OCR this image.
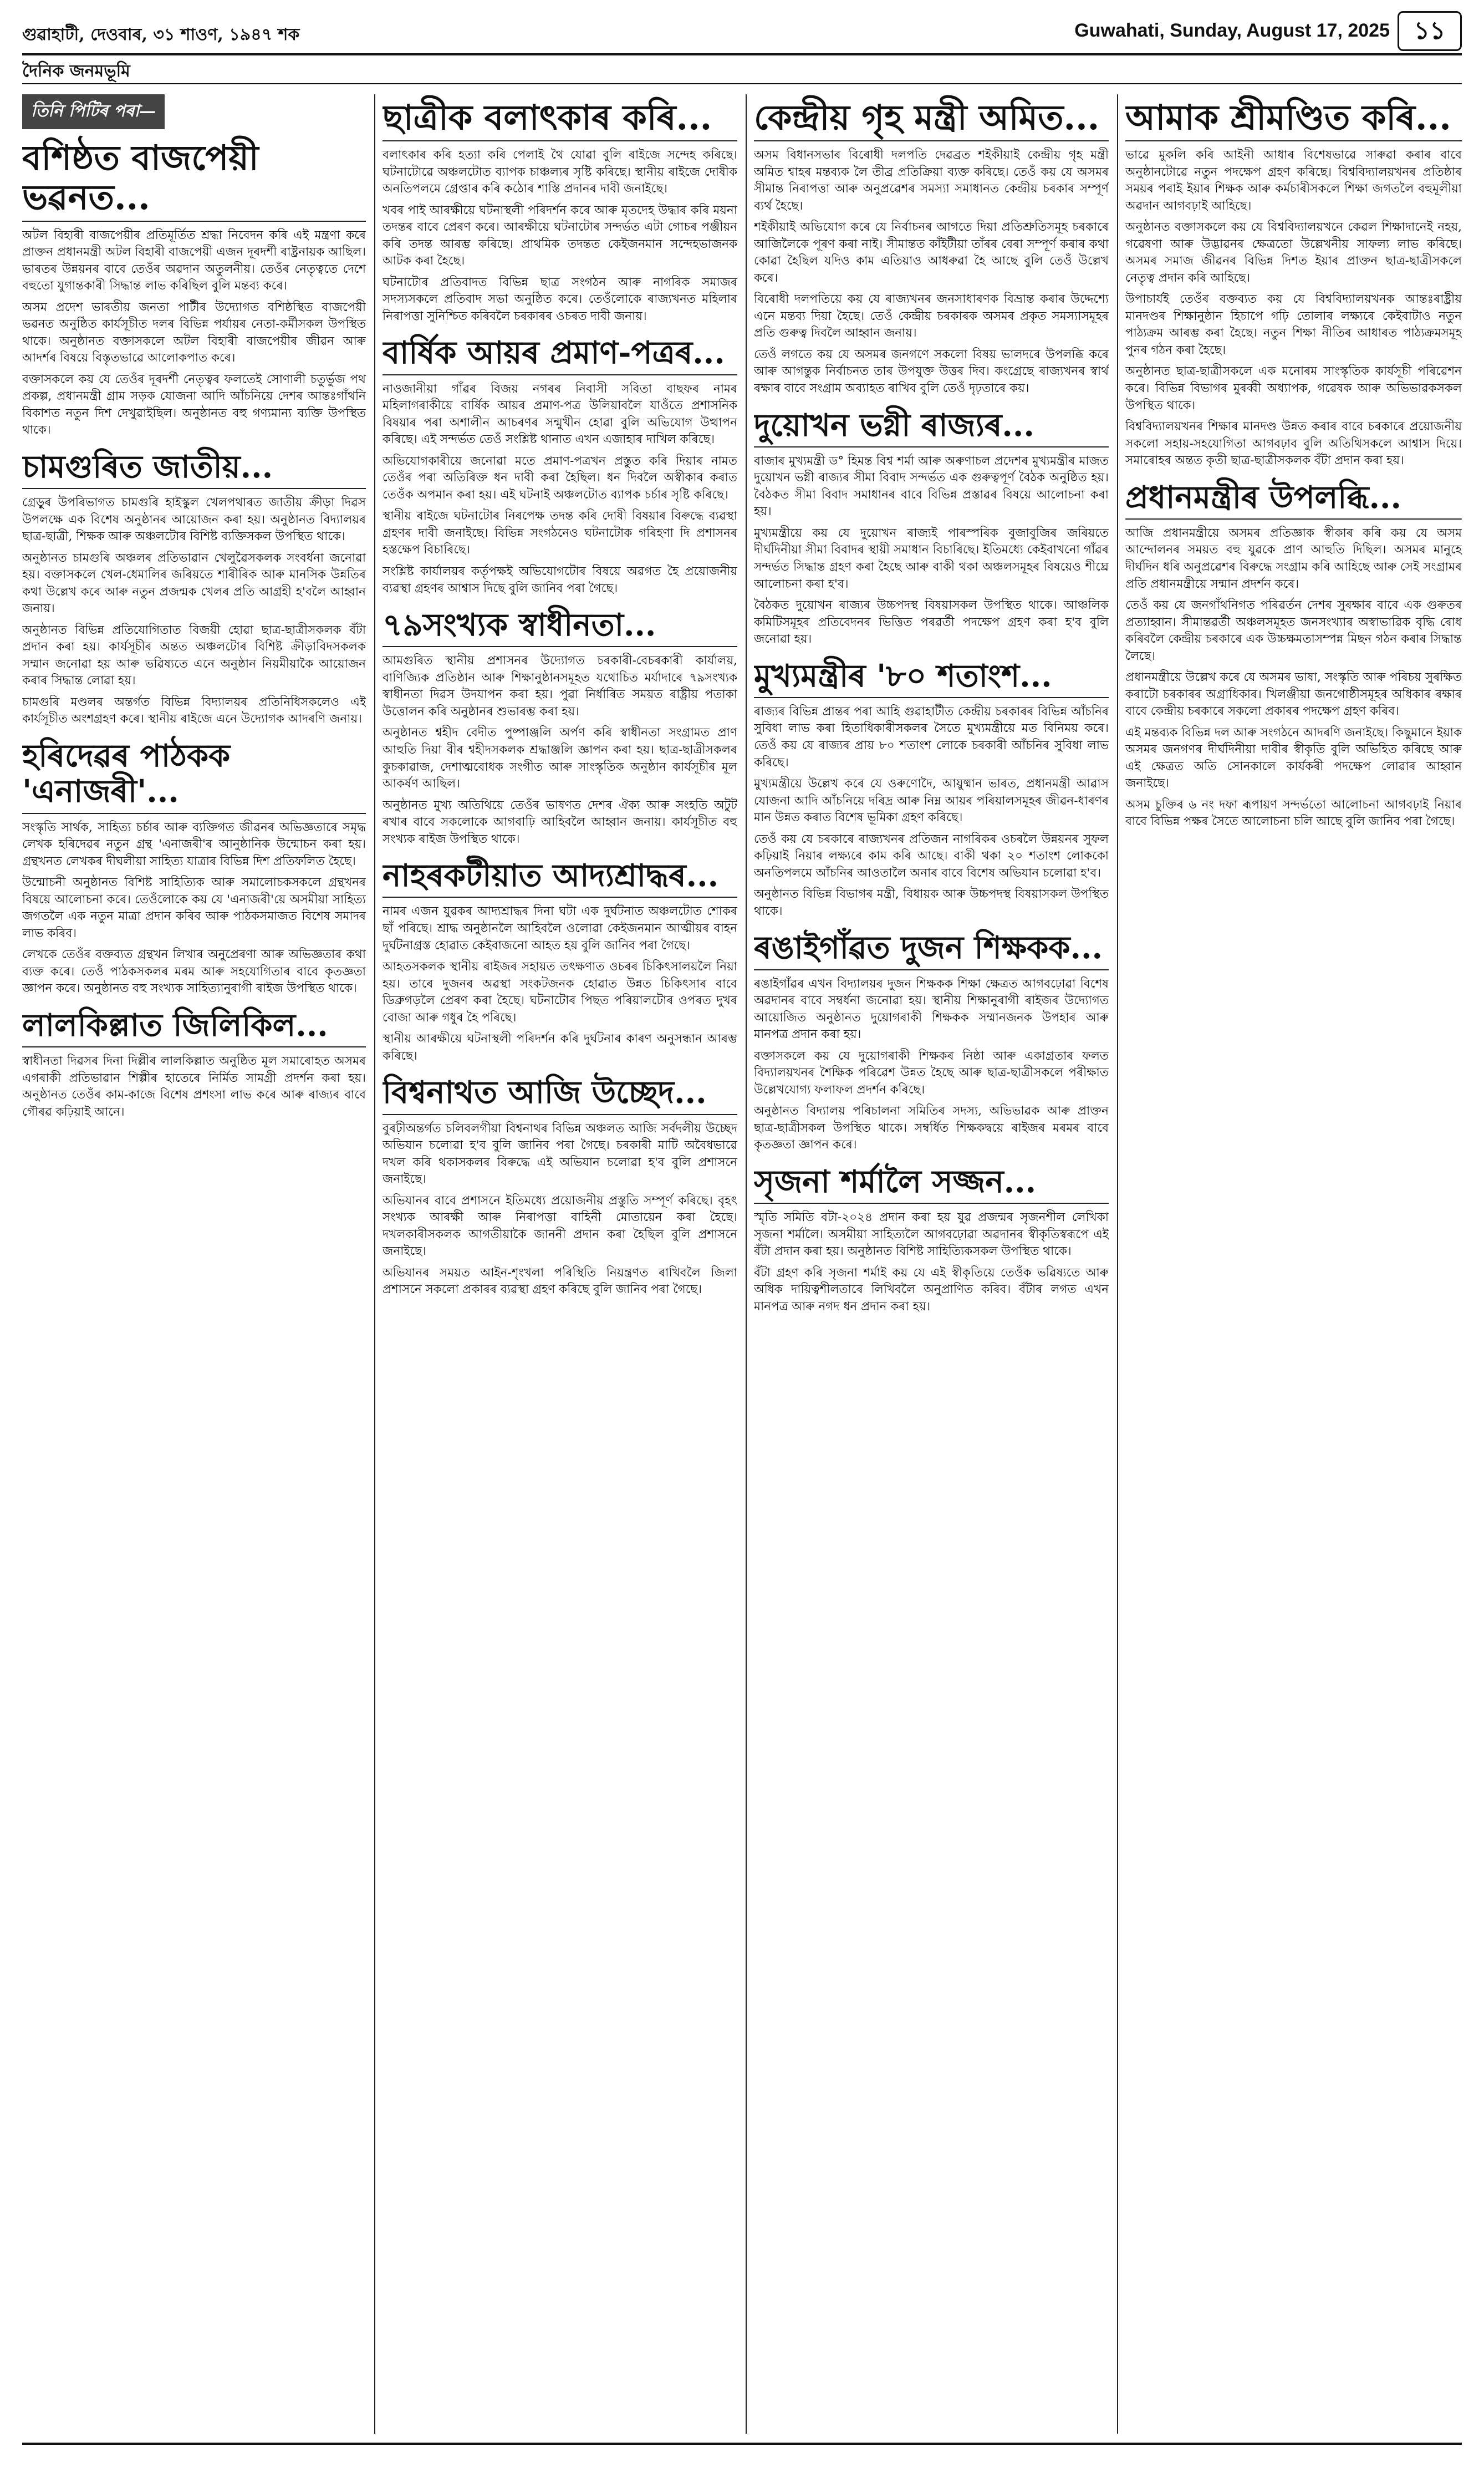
গুৱাহাটী, দেওবাৰ, ৩১ শাওণ, ১৯৪৭ শক	Guwahati, Sunday, August 17, 2025 ১১
দৈনিক জনমভূমি
তিনি পিটিৰ পৰা—
বশিষ্ঠত বাজপেয়ী ভৱনত...

অটল বিহাৰী বাজপেয়ীৰ প্ৰতিমূৰ্তিত শ্ৰদ্ধা নিবেদন কৰি এই মন্ত্ৰণা কৰে প্ৰাক্তন প্ৰধানমন্ত্ৰী অটল বিহাৰী বাজপেয়ী এজন দূৰদৰ্শী ৰাষ্ট্ৰনায়ক আছিল। ভাৰতৰ উন্নয়নৰ বাবে তেওঁৰ অৱদান অতুলনীয়। তেওঁৰ নেতৃত্বতে দেশে বহুতো যুগান্তকাৰী সিদ্ধান্ত লাভ কৰিছিল বুলি মন্তব্য কৰে।

অসম প্ৰদেশ ভাৰতীয় জনতা পাৰ্টীৰ উদ্যোগত বশিষ্ঠস্থিত বাজপেয়ী ভৱনত অনুষ্ঠিত কাৰ্যসূচীত দলৰ বিভিন্ন পৰ্যায়ৰ নেতা-কৰ্মীসকল উপস্থিত থাকে। অনুষ্ঠানত বক্তাসকলে অটল বিহাৰী বাজপেয়ীৰ জীৱন আৰু আদৰ্শৰ বিষয়ে বিস্তৃতভাৱে আলোকপাত কৰে।

বক্তাসকলে কয় যে তেওঁৰ দূৰদৰ্শী নেতৃত্বৰ ফলতেই সোণালী চতুৰ্ভুজ পথ প্ৰকল্প, প্ৰধানমন্ত্ৰী গ্ৰাম সড়ক যোজনা আদি আঁচনিয়ে দেশৰ আন্তঃগাঁথনি বিকাশত নতুন দিশ দেখুৱাইছিল। অনুষ্ঠানত বহু গণ্যমান্য ব্যক্তি উপস্থিত থাকে।

চামগুৰিত জাতীয়...

গ্ৰেড়ুৰ উপৰিভাগত চামগুৰি হাইস্কুল খেলপথাৰত জাতীয় ক্ৰীড়া দিৱস উপলক্ষে এক বিশেষ অনুষ্ঠানৰ আয়োজন কৰা হয়। অনুষ্ঠানত বিদ্যালয়ৰ ছাত্ৰ-ছাত্ৰী, শিক্ষক আৰু অঞ্চলটোৰ বিশিষ্ট ব্যক্তিসকল উপস্থিত থাকে।

অনুষ্ঠানত চামগুৰি অঞ্চলৰ প্ৰতিভাৱান খেলুৱৈসকলক সংবৰ্ধনা জনোৱা হয়। বক্তাসকলে খেল-ধেমালিৰ জৰিয়তে শাৰীৰিক আৰু মানসিক উন্নতিৰ কথা উল্লেখ কৰে আৰু নতুন প্ৰজন্মক খেলৰ প্ৰতি আগ্ৰহী হ'বলৈ আহ্বান জনায়।

অনুষ্ঠানত বিভিন্ন প্ৰতিযোগিতাত বিজয়ী হোৱা ছাত্ৰ-ছাত্ৰীসকলক বঁটা প্ৰদান কৰা হয়। কাৰ্যসূচীৰ অন্তত অঞ্চলটোৰ বিশিষ্ট ক্ৰীড়াবিদসকলক সম্মান জনোৱা হয় আৰু ভৱিষ্যতে এনে অনুষ্ঠান নিয়মীয়াকৈ আয়োজন কৰাৰ সিদ্ধান্ত লোৱা হয়।

চামগুৰি মণ্ডলৰ অন্তৰ্গত বিভিন্ন বিদ্যালয়ৰ প্ৰতিনিধিসকলেও এই কাৰ্যসূচীত অংশগ্ৰহণ কৰে। স্থানীয় ৰাইজে এনে উদ্যোগক আদৰণি জনায়।

হৰিদেৱৰ পাঠকক 'এনাজৰী'...

সংস্কৃতি সাৰ্থক, সাহিত্য চৰ্চাৰ আৰু ব্যক্তিগত জীৱনৰ অভিজ্ঞতাৰে সমৃদ্ধ লেখক হৰিদেৱৰ নতুন গ্ৰন্থ 'এনাজৰী'ৰ আনুষ্ঠানিক উন্মোচন কৰা হয়। গ্ৰন্থখনত লেখকৰ দীঘলীয়া সাহিত্য যাত্ৰাৰ বিভিন্ন দিশ প্ৰতিফলিত হৈছে।

উন্মোচনী অনুষ্ঠানত বিশিষ্ট সাহিত্যিক আৰু সমালোচকসকলে গ্ৰন্থখনৰ বিষয়ে আলোচনা কৰে। তেওঁলোকে কয় যে 'এনাজৰী'য়ে অসমীয়া সাহিত্য জগতলৈ এক নতুন মাত্ৰা প্ৰদান কৰিব আৰু পাঠকসমাজত বিশেষ সমাদৰ লাভ কৰিব।

লেখকে তেওঁৰ বক্তব্যত গ্ৰন্থখন লিখাৰ অনুপ্ৰেৰণা আৰু অভিজ্ঞতাৰ কথা ব্যক্ত কৰে। তেওঁ পাঠকসকলৰ মৰম আৰু সহযোগিতাৰ বাবে কৃতজ্ঞতা জ্ঞাপন কৰে। অনুষ্ঠানত বহু সংখ্যক সাহিত্যানুৰাগী ৰাইজ উপস্থিত থাকে।

লালকিল্লাত জিলিকিল...

স্বাধীনতা দিৱসৰ দিনা দিল্লীৰ লালকিল্লাত অনুষ্ঠিত মূল সমাৰোহত অসমৰ এগৰাকী প্ৰতিভাৱান শিল্পীৰ হাতেৰে নিৰ্মিত সামগ্ৰী প্ৰদৰ্শন কৰা হয়। অনুষ্ঠানত তেওঁৰ কাম-কাজে বিশেষ প্ৰশংসা লাভ কৰে আৰু ৰাজ্যৰ বাবে গৌৰৱ কঢ়িয়াই আনে।

ছাত্ৰীক বলাৎকাৰ কৰি...

বলাৎকাৰ কৰি হত্যা কৰি পেলাই থৈ যোৱা বুলি ৰাইজে সন্দেহ কৰিছে। ঘটনাটোৱে অঞ্চলটোত ব্যাপক চাঞ্চল্যৰ সৃষ্টি কৰিছে। স্থানীয় ৰাইজে দোষীক অনতিপলমে গ্ৰেপ্তাৰ কৰি কঠোৰ শাস্তি প্ৰদানৰ দাবী জনাইছে।

খবৰ পাই আৰক্ষীয়ে ঘটনাস্থলী পৰিদৰ্শন কৰে আৰু মৃতদেহ উদ্ধাৰ কৰি ময়না তদন্তৰ বাবে প্ৰেৰণ কৰে। আৰক্ষীয়ে ঘটনাটোৰ সন্দৰ্ভত এটা গোচৰ পঞ্জীয়ন কৰি তদন্ত আৰম্ভ কৰিছে। প্ৰাথমিক তদন্তত কেইজনমান সন্দেহভাজনক আটক কৰা হৈছে।

ঘটনাটোৰ প্ৰতিবাদত বিভিন্ন ছাত্ৰ সংগঠন আৰু নাগৰিক সমাজৰ সদস্যসকলে প্ৰতিবাদ সভা অনুষ্ঠিত কৰে। তেওঁলোকে ৰাজ্যখনত মহিলাৰ নিৰাপত্তা সুনিশ্চিত কৰিবলৈ চৰকাৰৰ ওচৰত দাবী জনায়।

বাৰ্ষিক আয়ৰ প্ৰমাণ-পত্ৰৰ...

নাওজানীয়া গাঁৱৰ বিজয় নগৰৰ নিবাসী সবিতা বাছফৰ নামৰ মহিলাগৰাকীয়ে বাৰ্ষিক আয়ৰ প্ৰমাণ-পত্ৰ উলিয়াবলৈ যাওঁতে প্ৰশাসনিক বিষয়াৰ পৰা অশালীন আচৰণৰ সন্মুখীন হোৱা বুলি অভিযোগ উত্থাপন কৰিছে। এই সন্দৰ্ভত তেওঁ সংশ্লিষ্ট থানাত এখন এজাহাৰ দাখিল কৰিছে।

অভিযোগকাৰীয়ে জনোৱা মতে প্ৰমাণ-পত্ৰখন প্ৰস্তুত কৰি দিয়াৰ নামত তেওঁৰ পৰা অতিৰিক্ত ধন দাবী কৰা হৈছিল। ধন দিবলৈ অস্বীকাৰ কৰাত তেওঁক অপমান কৰা হয়। এই ঘটনাই অঞ্চলটোত ব্যাপক চৰ্চাৰ সৃষ্টি কৰিছে।

স্থানীয় ৰাইজে ঘটনাটোৰ নিৰপেক্ষ তদন্ত কৰি দোষী বিষয়াৰ বিৰুদ্ধে ব্যৱস্থা গ্ৰহণৰ দাবী জনাইছে। বিভিন্ন সংগঠনেও ঘটনাটোক গৰিহণা দি প্ৰশাসনৰ হস্তক্ষেপ বিচাৰিছে।

সংশ্লিষ্ট কাৰ্যালয়ৰ কৰ্তৃপক্ষই অভিযোগটোৰ বিষয়ে অৱগত হৈ প্ৰয়োজনীয় ব্যৱস্থা গ্ৰহণৰ আশ্বাস দিছে বুলি জানিব পৰা গৈছে।

৭৯সংখ্যক স্বাধীনতা...

আমগুৰিত স্থানীয় প্ৰশাসনৰ উদ্যোগত চৰকাৰী-বেচৰকাৰী কাৰ্যালয়, বাণিজ্যিক প্ৰতিষ্ঠান আৰু শিক্ষানুষ্ঠানসমূহত যথোচিত মৰ্যাদাৰে ৭৯সংখ্যক স্বাধীনতা দিৱস উদযাপন কৰা হয়। পুৱা নিৰ্ধাৰিত সময়ত ৰাষ্ট্ৰীয় পতাকা উত্তোলন কৰি অনুষ্ঠানৰ শুভাৰম্ভ কৰা হয়।

অনুষ্ঠানত শ্বহীদ বেদীত পুষ্পাঞ্জলি অৰ্পণ কৰি স্বাধীনতা সংগ্ৰামত প্ৰাণ আহুতি দিয়া বীৰ শ্বহীদসকলক শ্ৰদ্ধাঞ্জলি জ্ঞাপন কৰা হয়। ছাত্ৰ-ছাত্ৰীসকলৰ কুচকাৱাজ, দেশাত্মবোধক সংগীত আৰু সাংস্কৃতিক অনুষ্ঠান কাৰ্যসূচীৰ মূল আকৰ্ষণ আছিল।

অনুষ্ঠানত মুখ্য অতিথিয়ে তেওঁৰ ভাষণত দেশৰ ঐক্য আৰু সংহতি অটুট ৰখাৰ বাবে সকলোকে আগবাঢ়ি আহিবলৈ আহ্বান জনায়। কাৰ্যসূচীত বহু সংখ্যক ৰাইজ উপস্থিত থাকে।

নাহৰকটীয়াত আদ্যশ্ৰাদ্ধৰ...

নামৰ এজন যুৱকৰ আদ্যশ্ৰাদ্ধৰ দিনা ঘটা এক দুৰ্ঘটনাত অঞ্চলটোত শোকৰ ছাঁ পৰিছে। শ্ৰাদ্ধ অনুষ্ঠানলৈ আহিবলৈ ওলোৱা কেইজনমান আত্মীয়ৰ বাহন দুৰ্ঘটনাগ্ৰস্ত হোৱাত কেইবাজনো আহত হয় বুলি জানিব পৰা গৈছে।

আহতসকলক স্থানীয় ৰাইজৰ সহায়ত তৎক্ষণাত ওচৰৰ চিকিৎসালয়লৈ নিয়া হয়। তাৰে দুজনৰ অৱস্থা সংকটজনক হোৱাত উন্নত চিকিৎসাৰ বাবে ডিব্ৰুগড়লৈ প্ৰেৰণ কৰা হৈছে। ঘটনাটোৰ পিছত পৰিয়ালটোৰ ওপৰত দুখৰ বোজা আৰু গধুৰ হৈ পৰিছে।

স্থানীয় আৰক্ষীয়ে ঘটনাস্থলী পৰিদৰ্শন কৰি দুৰ্ঘটনাৰ কাৰণ অনুসন্ধান আৰম্ভ কৰিছে।

বিশ্বনাথত আজি উচ্ছেদ...

বুৰঢ়ীঅন্তৰ্গত চলিবলগীয়া বিশ্বনাথৰ বিভিন্ন অঞ্চলত আজি সৰ্বদলীয় উচ্ছেদ অভিযান চলোৱা হ'ব বুলি জানিব পৰা গৈছে। চৰকাৰী মাটি অবৈধভাৱে দখল কৰি থকাসকলৰ বিৰুদ্ধে এই অভিযান চলোৱা হ'ব বুলি প্ৰশাসনে জনাইছে।

অভিযানৰ বাবে প্ৰশাসনে ইতিমধ্যে প্ৰয়োজনীয় প্ৰস্তুতি সম্পূৰ্ণ কৰিছে। বৃহৎ সংখ্যক আৰক্ষী আৰু নিৰাপত্তা বাহিনী মোতায়েন কৰা হৈছে। দখলকাৰীসকলক আগতীয়াকৈ জাননী প্ৰদান কৰা হৈছিল বুলি প্ৰশাসনে জনাইছে।

অভিযানৰ সময়ত আইন-শৃংখলা পৰিস্থিতি নিয়ন্ত্ৰণত ৰাখিবলৈ জিলা প্ৰশাসনে সকলো প্ৰকাৰৰ ব্যৱস্থা গ্ৰহণ কৰিছে বুলি জানিব পৰা গৈছে।

কেন্দ্ৰীয় গৃহ মন্ত্ৰী অমিত...

অসম বিধানসভাৰ বিৰোধী দলপতি দেৱব্ৰত শইকীয়াই কেন্দ্ৰীয় গৃহ মন্ত্ৰী অমিত শ্বাহৰ মন্তব্যক লৈ তীব্ৰ প্ৰতিক্ৰিয়া ব্যক্ত কৰিছে। তেওঁ কয় যে অসমৰ সীমান্ত নিৰাপত্তা আৰু অনুপ্ৰৱেশৰ সমস্যা সমাধানত কেন্দ্ৰীয় চৰকাৰ সম্পূৰ্ণ ব্যৰ্থ হৈছে।

শইকীয়াই অভিযোগ কৰে যে নিৰ্বাচনৰ আগতে দিয়া প্ৰতিশ্ৰুতিসমূহ চৰকাৰে আজিলৈকে পূৰণ কৰা নাই। সীমান্তত কাঁইটীয়া তাঁৰৰ বেৰা সম্পূৰ্ণ কৰাৰ কথা কোৱা হৈছিল যদিও কাম এতিয়াও আধৰুৱা হৈ আছে বুলি তেওঁ উল্লেখ কৰে।

বিৰোধী দলপতিয়ে কয় যে ৰাজ্যখনৰ জনসাধাৰণক বিভ্ৰান্ত কৰাৰ উদ্দেশ্যে এনে মন্তব্য দিয়া হৈছে। তেওঁ কেন্দ্ৰীয় চৰকাৰক অসমৰ প্ৰকৃত সমস্যাসমূহৰ প্ৰতি গুৰুত্ব দিবলৈ আহ্বান জনায়।

তেওঁ লগতে কয় যে অসমৰ জনগণে সকলো বিষয় ভালদৰে উপলব্ধি কৰে আৰু আগন্তুক নিৰ্বাচনত তাৰ উপযুক্ত উত্তৰ দিব। কংগ্ৰেছে ৰাজ্যখনৰ স্বাৰ্থ ৰক্ষাৰ বাবে সংগ্ৰাম অব্যাহত ৰাখিব বুলি তেওঁ দৃঢ়তাৰে কয়।

দুয়োখন ভগ্নী ৰাজ্যৰ...

বাজাৰ মুখ্যমন্ত্ৰী ড° হিমন্ত বিশ্ব শৰ্মা আৰু অৰুণাচল প্ৰদেশৰ মুখ্যমন্ত্ৰীৰ মাজত দুয়োখন ভগ্নী ৰাজ্যৰ সীমা বিবাদ সন্দৰ্ভত এক গুৰুত্বপূৰ্ণ বৈঠক অনুষ্ঠিত হয়। বৈঠকত সীমা বিবাদ সমাধানৰ বাবে বিভিন্ন প্ৰস্তাৱৰ বিষয়ে আলোচনা কৰা হয়।

মুখ্যমন্ত্ৰীয়ে কয় যে দুয়োখন ৰাজ্যই পাৰস্পৰিক বুজাবুজিৰ জৰিয়তে দীৰ্ঘদিনীয়া সীমা বিবাদৰ স্থায়ী সমাধান বিচাৰিছে। ইতিমধ্যে কেইবাখনো গাঁৱৰ সন্দৰ্ভত সিদ্ধান্ত গ্ৰহণ কৰা হৈছে আৰু বাকী থকা অঞ্চলসমূহৰ বিষয়েও শীঘ্ৰে আলোচনা কৰা হ'ব।

বৈঠকত দুয়োখন ৰাজ্যৰ উচ্চপদস্থ বিষয়াসকল উপস্থিত থাকে। আঞ্চলিক কমিটিসমূহৰ প্ৰতিবেদনৰ ভিত্তিত পৰৱৰ্তী পদক্ষেপ গ্ৰহণ কৰা হ'ব বুলি জনোৱা হয়।

মুখ্যমন্ত্ৰীৰ '৮০ শতাংশ...

ৰাজ্যৰ বিভিন্ন প্ৰান্তৰ পৰা আহি গুৱাহাটীত কেন্দ্ৰীয় চৰকাৰৰ বিভিন্ন আঁচনিৰ সুবিধা লাভ কৰা হিতাধিকাৰীসকলৰ সৈতে মুখ্যমন্ত্ৰীয়ে মত বিনিময় কৰে। তেওঁ কয় যে ৰাজ্যৰ প্ৰায় ৮০ শতাংশ লোকে চৰকাৰী আঁচনিৰ সুবিধা লাভ কৰিছে।

মুখ্যমন্ত্ৰীয়ে উল্লেখ কৰে যে ওৰুণোদৈ, আয়ুষ্মান ভাৰত, প্ৰধানমন্ত্ৰী আৱাস যোজনা আদি আঁচনিয়ে দৰিদ্ৰ আৰু নিম্ন আয়ৰ পৰিয়ালসমূহৰ জীৱন-ধাৰণৰ মান উন্নত কৰাত বিশেষ ভূমিকা গ্ৰহণ কৰিছে।

তেওঁ কয় যে চৰকাৰে ৰাজ্যখনৰ প্ৰতিজন নাগৰিকৰ ওচৰলৈ উন্নয়নৰ সুফল কঢ়িয়াই নিয়াৰ লক্ষ্যৰে কাম কৰি আছে। বাকী থকা ২০ শতাংশ লোককো অনতিপলমে আঁচনিৰ আওতালৈ অনাৰ বাবে বিশেষ অভিযান চলোৱা হ'ব।

অনুষ্ঠানত বিভিন্ন বিভাগৰ মন্ত্ৰী, বিধায়ক আৰু উচ্চপদস্থ বিষয়াসকল উপস্থিত থাকে।

ৰঙাইগাঁৱত দুজন শিক্ষকক...

ৰঙাইগাঁৱৰ এখন বিদ্যালয়ৰ দুজন শিক্ষকক শিক্ষা ক্ষেত্ৰত আগবঢ়োৱা বিশেষ অৱদানৰ বাবে সম্বৰ্ধনা জনোৱা হয়। স্থানীয় শিক্ষানুৰাগী ৰাইজৰ উদ্যোগত আয়োজিত অনুষ্ঠানত দুয়োগৰাকী শিক্ষকক সম্মানজনক উপহাৰ আৰু মানপত্ৰ প্ৰদান কৰা হয়।

বক্তাসকলে কয় যে দুয়োগৰাকী শিক্ষকৰ নিষ্ঠা আৰু একাগ্ৰতাৰ ফলত বিদ্যালয়খনৰ শৈক্ষিক পৰিৱেশ উন্নত হৈছে আৰু ছাত্ৰ-ছাত্ৰীসকলে পৰীক্ষাত উল্লেখযোগ্য ফলাফল প্ৰদৰ্শন কৰিছে।

অনুষ্ঠানত বিদ্যালয় পৰিচালনা সমিতিৰ সদস্য, অভিভাৱক আৰু প্ৰাক্তন ছাত্ৰ-ছাত্ৰীসকল উপস্থিত থাকে। সম্বৰ্ধিত শিক্ষকদ্বয়ে ৰাইজৰ মৰমৰ বাবে কৃতজ্ঞতা জ্ঞাপন কৰে।

সৃজনা শৰ্মালৈ সজ্জন...

স্মৃতি সমিতি বটা-২০২৪ প্ৰদান কৰা হয় যুৱ প্ৰজন্মৰ সৃজনশীল লেখিকা সৃজনা শৰ্মালৈ। অসমীয়া সাহিত্যলৈ আগবঢ়োৱা অৱদানৰ স্বীকৃতিস্বৰূপে এই বঁটা প্ৰদান কৰা হয়। অনুষ্ঠানত বিশিষ্ট সাহিত্যিকসকল উপস্থিত থাকে।

বঁটা গ্ৰহণ কৰি সৃজনা শৰ্মাই কয় যে এই স্বীকৃতিয়ে তেওঁক ভৱিষ্যতে আৰু অধিক দায়িত্বশীলতাৰে লিখিবলৈ অনুপ্ৰাণিত কৰিব। বঁটাৰ লগত এখন মানপত্ৰ আৰু নগদ ধন প্ৰদান কৰা হয়।

আমাক শ্ৰীমণ্ডিত কৰি...

ভাৱে মুকলি কৰি আইনী আধাৰ বিশেষভাৱে সাৰুৱা কৰাৰ বাবে অনুষ্ঠানটোৱে নতুন পদক্ষেপ গ্ৰহণ কৰিছে। বিশ্ববিদ্যালয়খনৰ প্ৰতিষ্ঠাৰ সময়ৰ পৰাই ইয়াৰ শিক্ষক আৰু কৰ্মচাৰীসকলে শিক্ষা জগতলৈ বহুমূলীয়া অৱদান আগবঢ়াই আহিছে।

অনুষ্ঠানত বক্তাসকলে কয় যে বিশ্ববিদ্যালয়খনে কেৱল শিক্ষাদানেই নহয়, গৱেষণা আৰু উদ্ভাৱনৰ ক্ষেত্ৰতো উল্লেখনীয় সাফল্য লাভ কৰিছে। অসমৰ সমাজ জীৱনৰ বিভিন্ন দিশত ইয়াৰ প্ৰাক্তন ছাত্ৰ-ছাত্ৰীসকলে নেতৃত্ব প্ৰদান কৰি আহিছে।

উপাচাৰ্যই তেওঁৰ বক্তব্যত কয় যে বিশ্ববিদ্যালয়খনক আন্তঃৰাষ্ট্ৰীয় মানদণ্ডৰ শিক্ষানুষ্ঠান হিচাপে গঢ়ি তোলাৰ লক্ষ্যৰে কেইবাটাও নতুন পাঠ্যক্ৰম আৰম্ভ কৰা হৈছে। নতুন শিক্ষা নীতিৰ আধাৰত পাঠ্যক্ৰমসমূহ পুনৰ গঠন কৰা হৈছে।

অনুষ্ঠানত ছাত্ৰ-ছাত্ৰীসকলে এক মনোৰম সাংস্কৃতিক কাৰ্যসূচী পৰিৱেশন কৰে। বিভিন্ন বিভাগৰ মুৰব্বী অধ্যাপক, গৱেষক আৰু অভিভাৱকসকল উপস্থিত থাকে।

বিশ্ববিদ্যালয়খনৰ শিক্ষাৰ মানদণ্ড উন্নত কৰাৰ বাবে চৰকাৰে প্ৰয়োজনীয় সকলো সহায়-সহযোগিতা আগবঢ়াব বুলি অতিথিসকলে আশ্বাস দিয়ে। সমাৰোহৰ অন্তত কৃতী ছাত্ৰ-ছাত্ৰীসকলক বঁটা প্ৰদান কৰা হয়।

প্ৰধানমন্ত্ৰীৰ উপলব্ধি...

আজি প্ৰধানমন্ত্ৰীয়ে অসমৰ প্ৰতিজ্ঞাক স্বীকাৰ কৰি কয় যে অসম আন্দোলনৰ সময়ত বহু যুৱকে প্ৰাণ আহুতি দিছিল। অসমৰ মানুহে দীৰ্ঘদিন ধৰি অনুপ্ৰৱেশৰ বিৰুদ্ধে সংগ্ৰাম কৰি আহিছে আৰু সেই সংগ্ৰামৰ প্ৰতি প্ৰধানমন্ত্ৰীয়ে সন্মান প্ৰদৰ্শন কৰে।

তেওঁ কয় যে জনগাঁথনিগত পৰিৱৰ্তন দেশৰ সুৰক্ষাৰ বাবে এক গুৰুতৰ প্ৰত্যাহ্বান। সীমান্তৱৰ্তী অঞ্চলসমূহত জনসংখ্যাৰ অস্বাভাৱিক বৃদ্ধি ৰোধ কৰিবলৈ কেন্দ্ৰীয় চৰকাৰে এক উচ্চক্ষমতাসম্পন্ন মিছন গঠন কৰাৰ সিদ্ধান্ত লৈছে।

প্ৰধানমন্ত্ৰীয়ে উল্লেখ কৰে যে অসমৰ ভাষা, সংস্কৃতি আৰু পৰিচয় সুৰক্ষিত কৰাটো চৰকাৰৰ অগ্ৰাধিকাৰ। খিলঞ্জীয়া জনগোষ্ঠীসমূহৰ অধিকাৰ ৰক্ষাৰ বাবে কেন্দ্ৰীয় চৰকাৰে সকলো প্ৰকাৰৰ পদক্ষেপ গ্ৰহণ কৰিব।

এই মন্তব্যক বিভিন্ন দল আৰু সংগঠনে আদৰণি জনাইছে। কিছুমানে ইয়াক অসমৰ জনগণৰ দীৰ্ঘদিনীয়া দাবীৰ স্বীকৃতি বুলি অভিহিত কৰিছে আৰু এই ক্ষেত্ৰত অতি সোনকালে কাৰ্যকৰী পদক্ষেপ লোৱাৰ আহ্বান জনাইছে।

অসম চুক্তিৰ ৬ নং দফা ৰূপায়ণ সন্দৰ্ভতো আলোচনা আগবঢ়াই নিয়াৰ বাবে বিভিন্ন পক্ষৰ সৈতে আলোচনা চলি আছে বুলি জানিব পৰা গৈছে।
